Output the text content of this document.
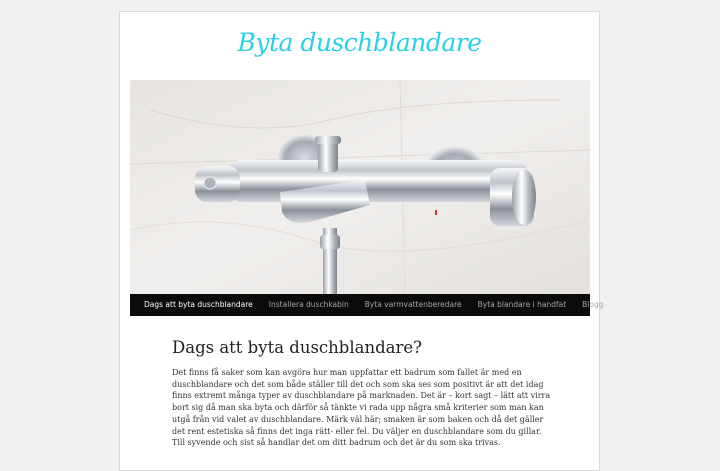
Byta duschblandare
Dags att byta duschblandare	Installera duschkabin	Byta varmvattenberedare	Byta blandare i handfat	Blogg
Dags att byta duschblandare?

Det finns få saker som kan avgöra hur man uppfattar ett badrum som fallet är med en duschblandare och det som både ställer till det och som ska ses som positivt är att det idag finns extremt många typer av duschblandare på marknaden. Det är – kort sagt – lätt att virra bort sig då man ska byta och därför så tänkte vi rada upp några små kriterier som man kan utgå från vid valet av duschblandare. Märk väl här; smaken är som baken och då det gäller det rent estetiska så finns det inga rätt- eller fel. Du väljer en duschblandare som du gillar. Till syvende och sist så handlar det om ditt badrum och det är du som ska trivas.
